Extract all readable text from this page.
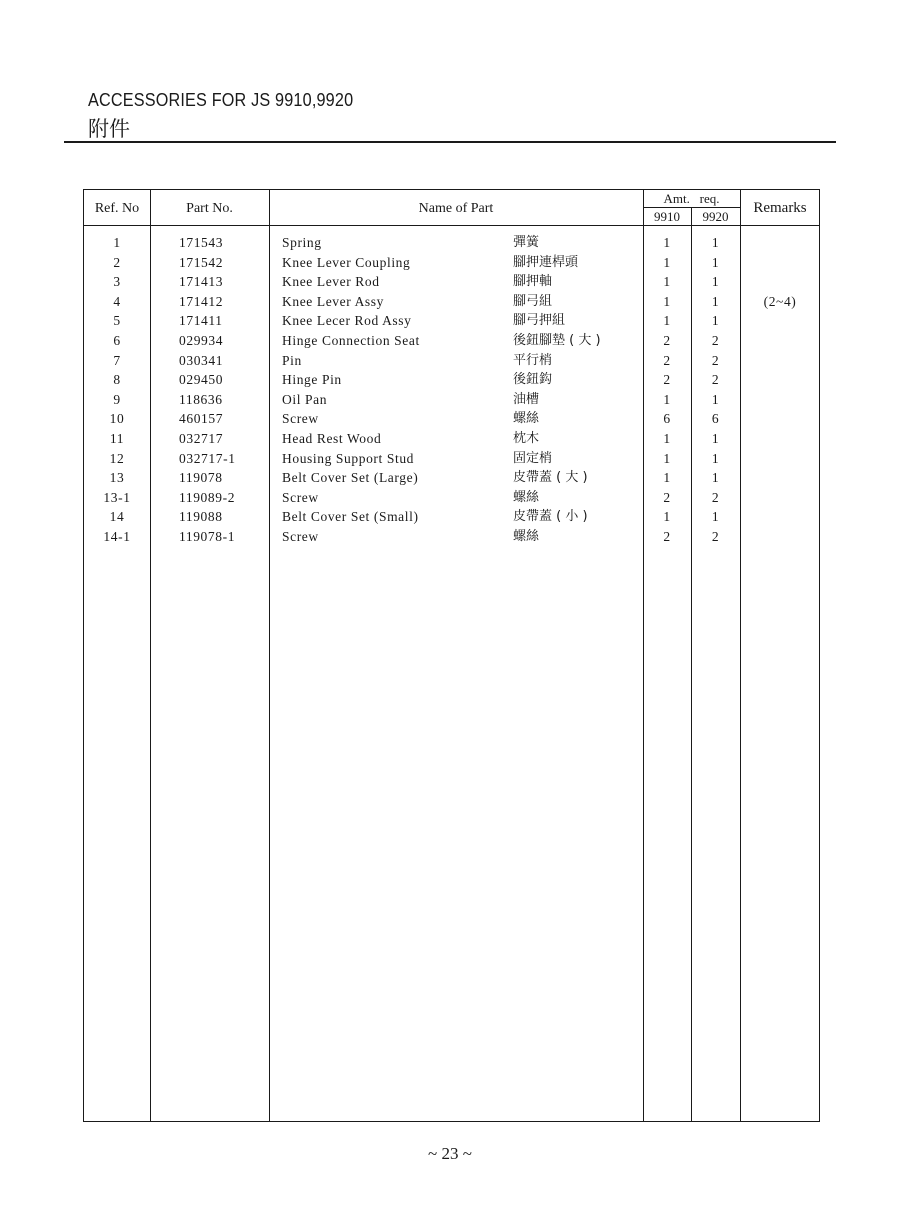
ACCESSORIES FOR JS 9910,9920
附件
Ref. No	Part No.	Name of Part
Amt.   req.
9910	9920
Remarks
1	171543	Spring	彈簧	1	1
2	171542	Knee Lever Coupling	腳押連桿頭	1	1
3	171413	Knee Lever Rod	腳押軸	1	1
4	171412	Knee Lever Assy	腳弓組	1	1	(2~4)
5	171411	Knee Lecer Rod Assy	腳弓押組	1	1
6	029934	Hinge Connection Seat	後鈕腳墊 ( 大 )	2	2
7	030341	Pin	平行梢	2	2
8	029450	Hinge Pin	後鈕鈎	2	2
9	118636	Oil Pan	油槽	1	1
10	460157	Screw	螺絲	6	6
11	032717	Head Rest Wood	枕木	1	1
12	032717-1	Housing Support Stud	固定梢	1	1
13	119078	Belt Cover Set (Large)	皮帶蓋 ( 大 )	1	1
13-1	119089-2	Screw	螺絲	2	2
14	119088	Belt Cover Set (Small)	皮帶蓋 ( 小 )	1	1
14-1	119078-1	Screw	螺絲	2	2
~ 23 ~
